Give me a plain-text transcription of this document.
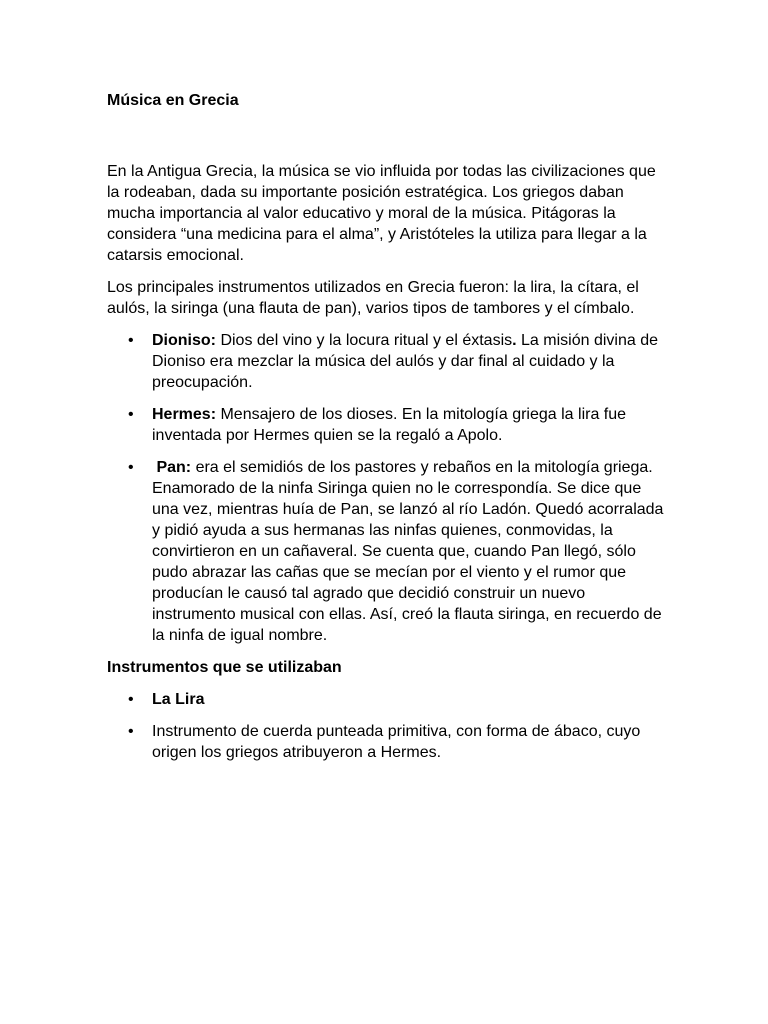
Música en Grecia

En la Antigua Grecia, la música se vio influida por todas las civilizaciones que la rodeaban, dada su importante posición estratégica. Los griegos daban mucha importancia al valor educativo y moral de la música. Pitágoras la considera “una medicina para el alma”, y Aristóteles la utiliza para llegar a la catarsis emocional.

Los principales instrumentos utilizados en Grecia fueron: la lira, la cítara, el aulós, la siringa (una flauta de pan), varios tipos de tambores y el címbalo.

• Dioniso: Dios del vino y la locura ritual y el éxtasis. La misión divina de Dioniso era mezclar la música del aulós y dar final al cuidado y la preocupación.
• Hermes: Mensajero de los dioses. En la mitología griega la lira fue inventada por Hermes quien se la regaló a Apolo.
• Pan: era el semidiós de los pastores y rebaños en la mitología griega. Enamorado de la ninfa Siringa quien no le correspondía. Se dice que una vez, mientras huía de Pan, se lanzó al río Ladón. Quedó acorralada y pidió ayuda a sus hermanas las ninfas quienes, conmovidas, la convirtieron en un cañaveral. Se cuenta que, cuando Pan llegó, sólo pudo abrazar las cañas que se mecían por el viento y el rumor que producían le causó tal agrado que decidió construir un nuevo instrumento musical con ellas. Así, creó la flauta siringa, en recuerdo de la ninfa de igual nombre.

Instrumentos que se utilizaban

• La Lira
• Instrumento de cuerda punteada primitiva, con forma de ábaco, cuyo origen los griegos atribuyeron a Hermes.
